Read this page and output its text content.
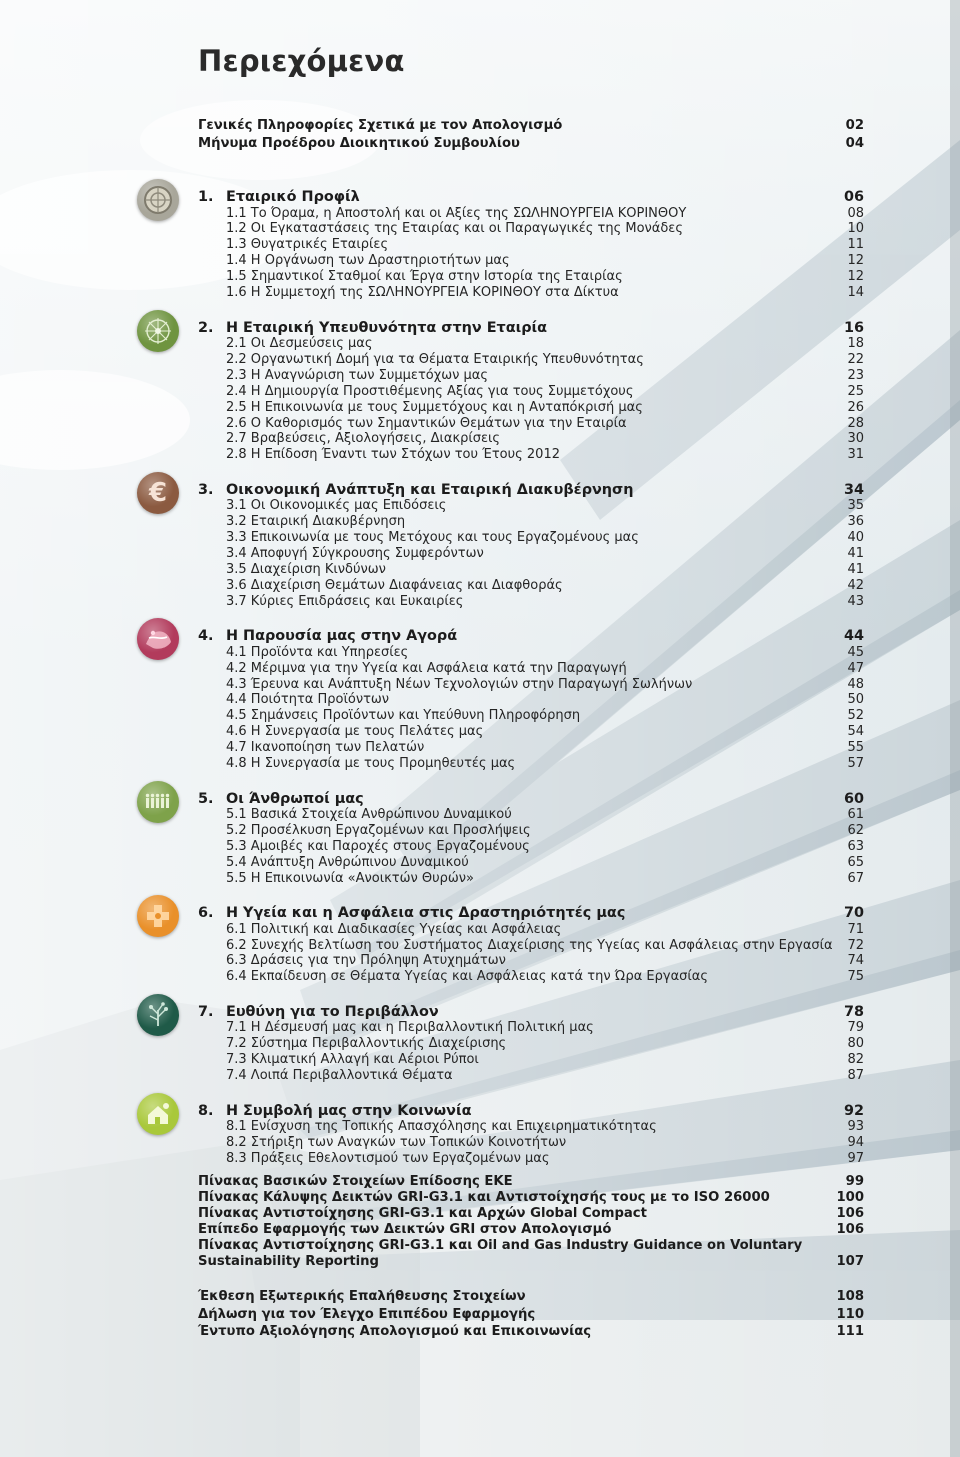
Περιεχόμενα
Γενικές Πληροφορίες Σχετικά με τον Απολογισμό	02
Μήνυμα Προέδρου Διοικητικού Συμβουλίου	04
1. Εταιρικό Προφίλ	06
1.1 Το Όραμα, η Αποστολή και οι Αξίες της ΣΩΛΗΝΟΥΡΓΕΙΑ ΚΟΡΙΝΘΟΥ	08
1.2 Οι Εγκαταστάσεις της Εταιρίας και οι Παραγωγικές της Μονάδες	10
1.3 Θυγατρικές Εταιρίες	11
1.4 Η Οργάνωση των Δραστηριοτήτων μας	12
1.5 Σημαντικοί Σταθμοί και Έργα στην Ιστορία της Εταιρίας	12
1.6 Η Συμμετοχή της ΣΩΛΗΝΟΥΡΓΕΙΑ ΚΟΡΙΝΘΟΥ στα Δίκτυα	14
2. Η Εταιρική Υπευθυνότητα στην Εταιρία	16
2.1 Οι Δεσμεύσεις μας	18
2.2 Οργανωτική Δομή για τα Θέματα Εταιρικής Υπευθυνότητας	22
2.3 Η Αναγνώριση των Συμμετόχων μας	23
2.4 Η Δημιουργία Προστιθέμενης Αξίας για τους Συμμετόχους	25
2.5 Η Επικοινωνία με τους Συμμετόχους και η Ανταπόκρισή μας	26
2.6 Ο Καθορισμός των Σημαντικών Θεμάτων για την Εταιρία	28
2.7 Βραβεύσεις, Αξιολογήσεις, Διακρίσεις	30
2.8 Η Επίδοση Έναντι των Στόχων του Έτους 2012	31
€ 3. Οικονομική Ανάπτυξη και Εταιρική Διακυβέρνηση	34
3.1 Οι Οικονομικές μας Επιδόσεις	35
3.2 Εταιρική Διακυβέρνηση	36
3.3 Επικοινωνία με τους Μετόχους και τους Εργαζομένους μας	40
3.4 Αποφυγή Σύγκρουσης Συμφερόντων	41
3.5 Διαχείριση Κινδύνων	41
3.6 Διαχείριση Θεμάτων Διαφάνειας και Διαφθοράς	42
3.7 Κύριες Επιδράσεις και Ευκαιρίες	43
4. Η Παρουσία μας στην Αγορά	44
4.1 Προϊόντα και Υπηρεσίες	45
4.2 Μέριμνα για την Υγεία και Ασφάλεια κατά την Παραγωγή	47
4.3 Έρευνα και Ανάπτυξη Νέων Τεχνολογιών στην Παραγωγή Σωλήνων	48
4.4 Ποιότητα Προϊόντων	50
4.5 Σημάνσεις Προϊόντων και Υπεύθυνη Πληροφόρηση	52
4.6 Η Συνεργασία με τους Πελάτες μας	54
4.7 Ικανοποίηση των Πελατών	55
4.8 Η Συνεργασία με τους Προμηθευτές μας	57
5. Οι Άνθρωποί μας	60
5.1 Βασικά Στοιχεία Ανθρώπινου Δυναμικού	61
5.2 Προσέλκυση Εργαζομένων και Προσλήψεις	62
5.3 Αμοιβές και Παροχές στους Εργαζομένους	63
5.4 Ανάπτυξη Ανθρώπινου Δυναμικού	65
5.5 Η Επικοινωνία «Ανοικτών Θυρών»	67
6. Η Υγεία και η Ασφάλεια στις Δραστηριότητές μας	70
6.1 Πολιτική και Διαδικασίες Υγείας και Ασφάλειας	71
6.2 Συνεχής Βελτίωση του Συστήματος Διαχείρισης της Υγείας και Ασφάλειας στην Εργασία 72
6.3 Δράσεις για την Πρόληψη Ατυχημάτων	74
6.4 Εκπαίδευση σε Θέματα Υγείας και Ασφάλειας κατά την Ώρα Εργασίας	75
7. Ευθύνη για το Περιβάλλον	78
7.1 Η Δέσμευσή μας και η Περιβαλλοντική Πολιτική μας	79
7.2 Σύστημα Περιβαλλοντικής Διαχείρισης	80
7.3 Κλιματική Αλλαγή και Αέριοι Ρύποι	82
7.4 Λοιπά Περιβαλλοντικά Θέματα	87
8. Η Συμβολή μας στην Κοινωνία	92
8.1 Ενίσχυση της Τοπικής Απασχόλησης και Επιχειρηματικότητας	93
8.2 Στήριξη των Αναγκών των Τοπικών Κοινοτήτων	94
8.3 Πράξεις Εθελοντισμού των Εργαζομένων μας	97
Πίνακας Βασικών Στοιχείων Επίδοσης ΕΚΕ	99
Πίνακας Κάλυψης Δεικτών GRI-G3.1 και Αντιστοίχησής τους με το ISO 26000	100
Πίνακας Αντιστοίχησης GRI-G3.1 και Αρχών Global Compact	106
Επίπεδο Εφαρμογής των Δεικτών GRI στον Απολογισμό	106
Πίνακας Αντιστοίχησης GRI-G3.1 και Oil and Gas Industry Guidance on Voluntary
Sustainability Reporting	107
Έκθεση Εξωτερικής Επαλήθευσης Στοιχείων	108
Δήλωση για τον Έλεγχο Επιπέδου Εφαρμογής	110
Έντυπο Αξιολόγησης Απολογισμού και Επικοινωνίας	111
